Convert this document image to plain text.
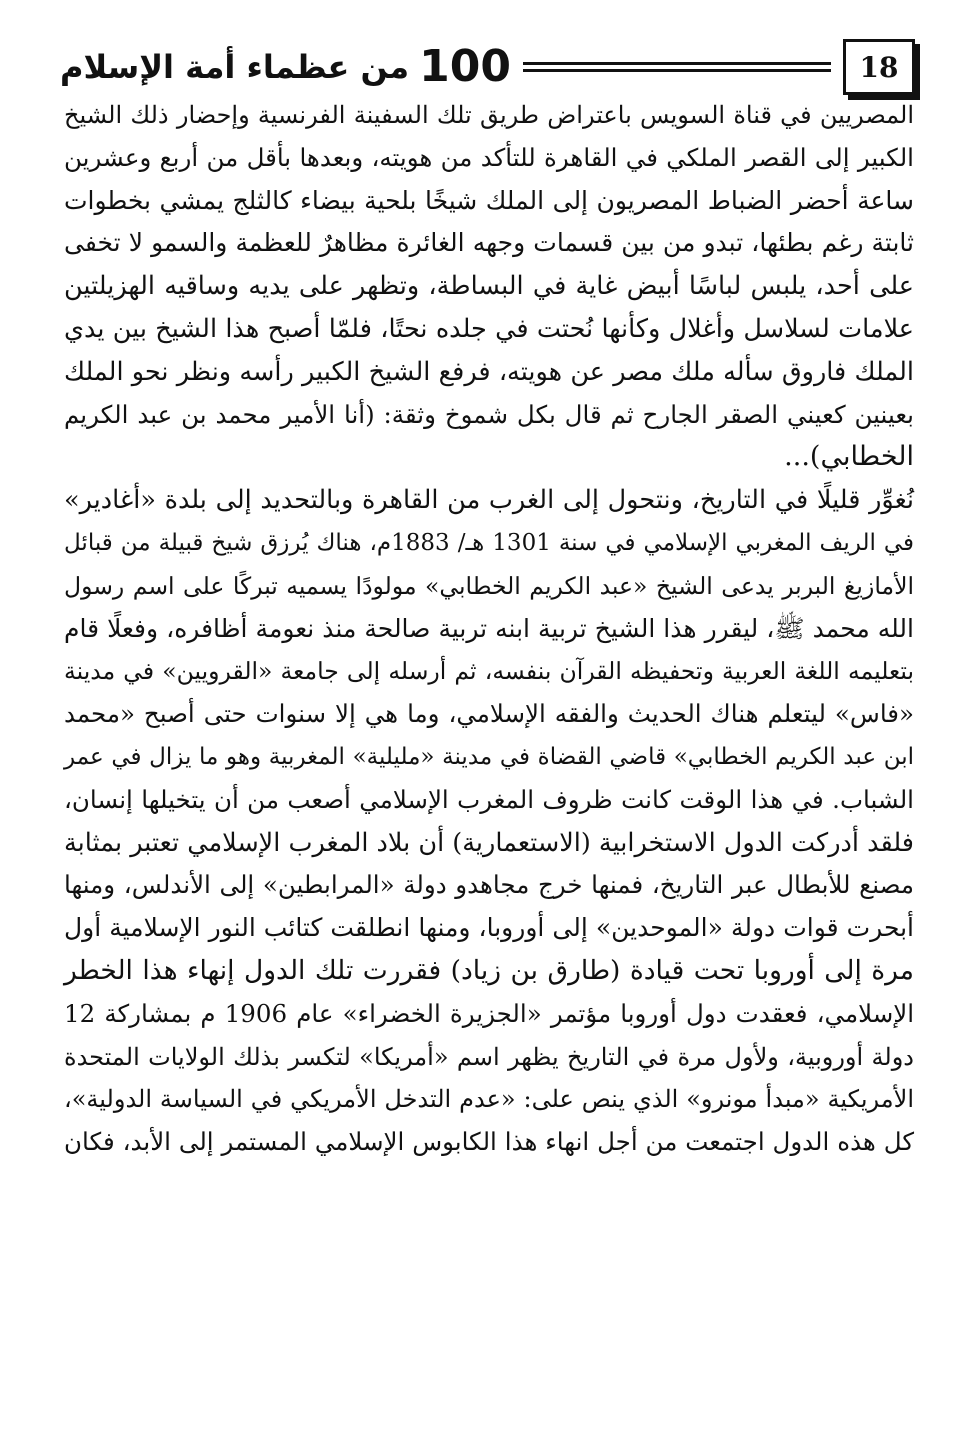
100
من عظماء أمة الإسلام	18
المصريين في قناة السويس باعتراض طريق تلك السفينة الفرنسية وإحضار ذلك الشيخ
الكبير إلى القصر الملكي في القاهرة للتأكد من هويته، وبعدها بأقل من أربع وعشرين
ساعة أحضر الضباط المصريون إلى الملك شيخًا بلحية بيضاء كالثلج يمشي بخطوات
ثابتة رغم بطئها، تبدو من بين قسمات وجهه الغائرة مظاهرٌ للعظمة والسمو لا تخفى
على أحد، يلبس لباسًا أبيض غاية في البساطة، وتظهر على يديه وساقيه الهزيلتين
علامات لسلاسل وأغلال وكأنها نُحتت في جلده نحتًا، فلمّا أصبح هذا الشيخ بين يدي
الملك فاروق سأله ملك مصر عن هويته، فرفع الشيخ الكبير رأسه ونظر نحو الملك
بعينين كعيني الصقر الجارح ثم قال بكل شموخ وثقة: (أنا الأمير محمد بن عبد الكريم
الخطابي)...
نُغوِّر قليلًا في التاريخ، ونتحول إلى الغرب من القاهرة وبالتحديد إلى بلدة «أغادير»
في الريف المغربي الإسلامي في سنة 1301 هـ/ 1883م، هناك يُرزق شيخ قبيلة من قبائل
الأمازيغ البربر يدعى الشيخ «عبد الكريم الخطابي» مولودًا يسميه تبركًا على اسم رسول
الله محمد ﷺ، ليقرر هذا الشيخ تربية ابنه تربية صالحة منذ نعومة أظافره، وفعلًا قام
بتعليمه اللغة العربية وتحفيظه القرآن بنفسه، ثم أرسله إلى جامعة «القرويين» في مدينة
«فاس» ليتعلم هناك الحديث والفقه الإسلامي، وما هي إلا سنوات حتى أصبح «محمد
ابن عبد الكريم الخطابي» قاضي القضاة في مدينة «مليلية» المغربية وهو ما يزال في عمر
الشباب. في هذا الوقت كانت ظروف المغرب الإسلامي أصعب من أن يتخيلها إنسان،
فلقد أدركت الدول الاستخرابية (الاستعمارية) أن بلاد المغرب الإسلامي تعتبر بمثابة
مصنع للأبطال عبر التاريخ، فمنها خرج مجاهدو دولة «المرابطين» إلى الأندلس، ومنها
أبحرت قوات دولة «الموحدين» إلى أوروبا، ومنها انطلقت كتائب النور الإسلامية أول
مرة إلى أوروبا تحت قيادة (طارق بن زياد) فقررت تلك الدول إنهاء هذا الخطر
الإسلامي، فعقدت دول أوروبا مؤتمر «الجزيرة الخضراء» عام 1906 م بمشاركة 12
دولة أوروبية، ولأول مرة في التاريخ يظهر اسم «أمريكا» لتكسر بذلك الولايات المتحدة
الأمريكية «مبدأ مونرو» الذي ينص على: «عدم التدخل الأمريكي في السياسة الدولية»،
كل هذه الدول اجتمعت من أجل انهاء هذا الكابوس الإسلامي المستمر إلى الأبد، فكان
